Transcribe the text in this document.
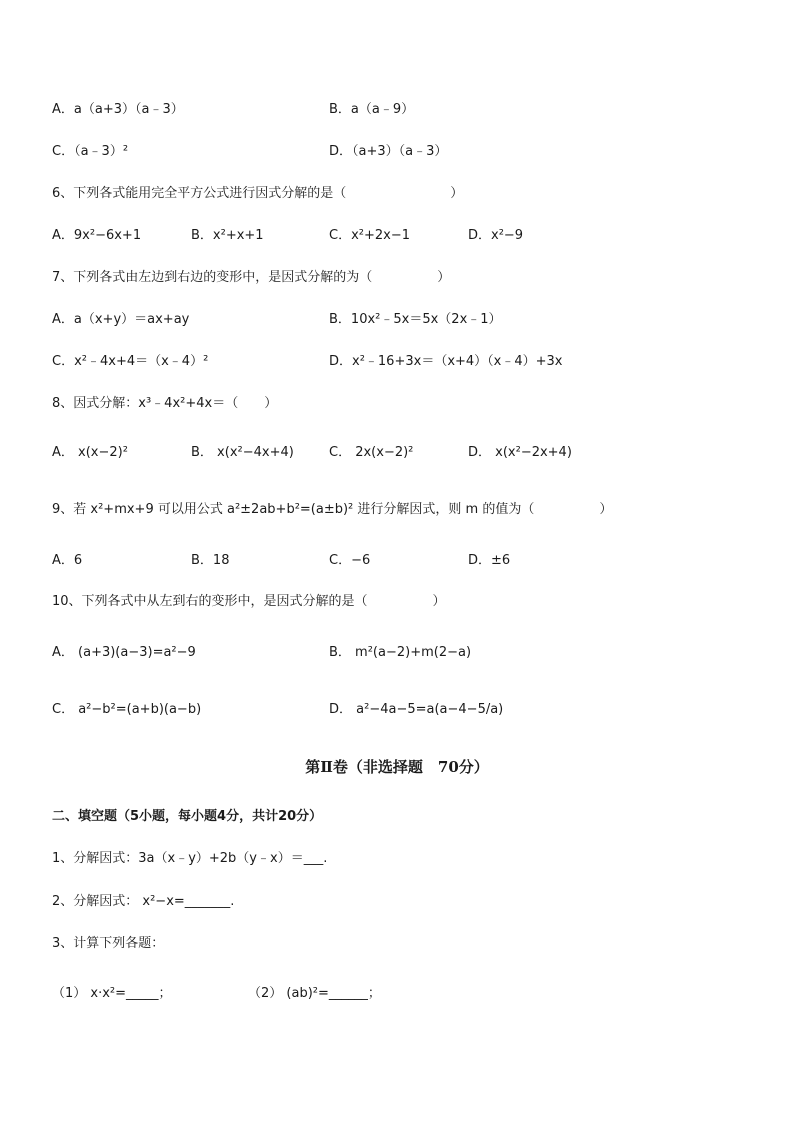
A．a（a+3）（a﹣3）	B．a（a﹣9）
C．（a﹣3）²	D．（a+3）（a﹣3）
6、下列各式能用完全平方公式进行因式分解的是（　　　　　　　　）
A．9x²−6x+1	B．x²+x+1	C．x²+2x−1	D．x²−9
7、下列各式由左边到右边的变形中，是因式分解的为（　　　　　）
A．a（x+y）＝ax+ay	B．10x²﹣5x＝5x（2x﹣1）
C．x²﹣4x+4＝（x﹣4）²	D．x²﹣16+3x＝（x+4）（x﹣4）+3x
8、因式分解：x³﹣4x²+4x＝（　　）
A． x(x−2)²	B． x(x²−4x+4)	C． 2x(x−2)²	D． x(x²−2x+4)
9、若 x²+mx+9 可以用公式 a²±2ab+b²=(a±b)² 进行分解因式，则 m 的值为（　　　　　）
A．6	B．18	C．−6	D．±6
10、下列各式中从左到右的变形中，是因式分解的是（　　　　　）
A． (a+3)(a−3)=a²−9	B． m²(a−2)+m(2−a)
C． a²−b²=(a+b)(a−b)	D． a²−4a−5=a(a−4−5/a)
第Ⅱ卷（非选择题　70分）
二、填空题（5小题，每小题4分，共计20分）
1、分解因式：3a（x﹣y）+2b（y﹣x）＝___.
2、分解因式： x²−x=_______.
3、计算下列各题：
（1） x·x²=_____；	（2） (ab)²=______；
